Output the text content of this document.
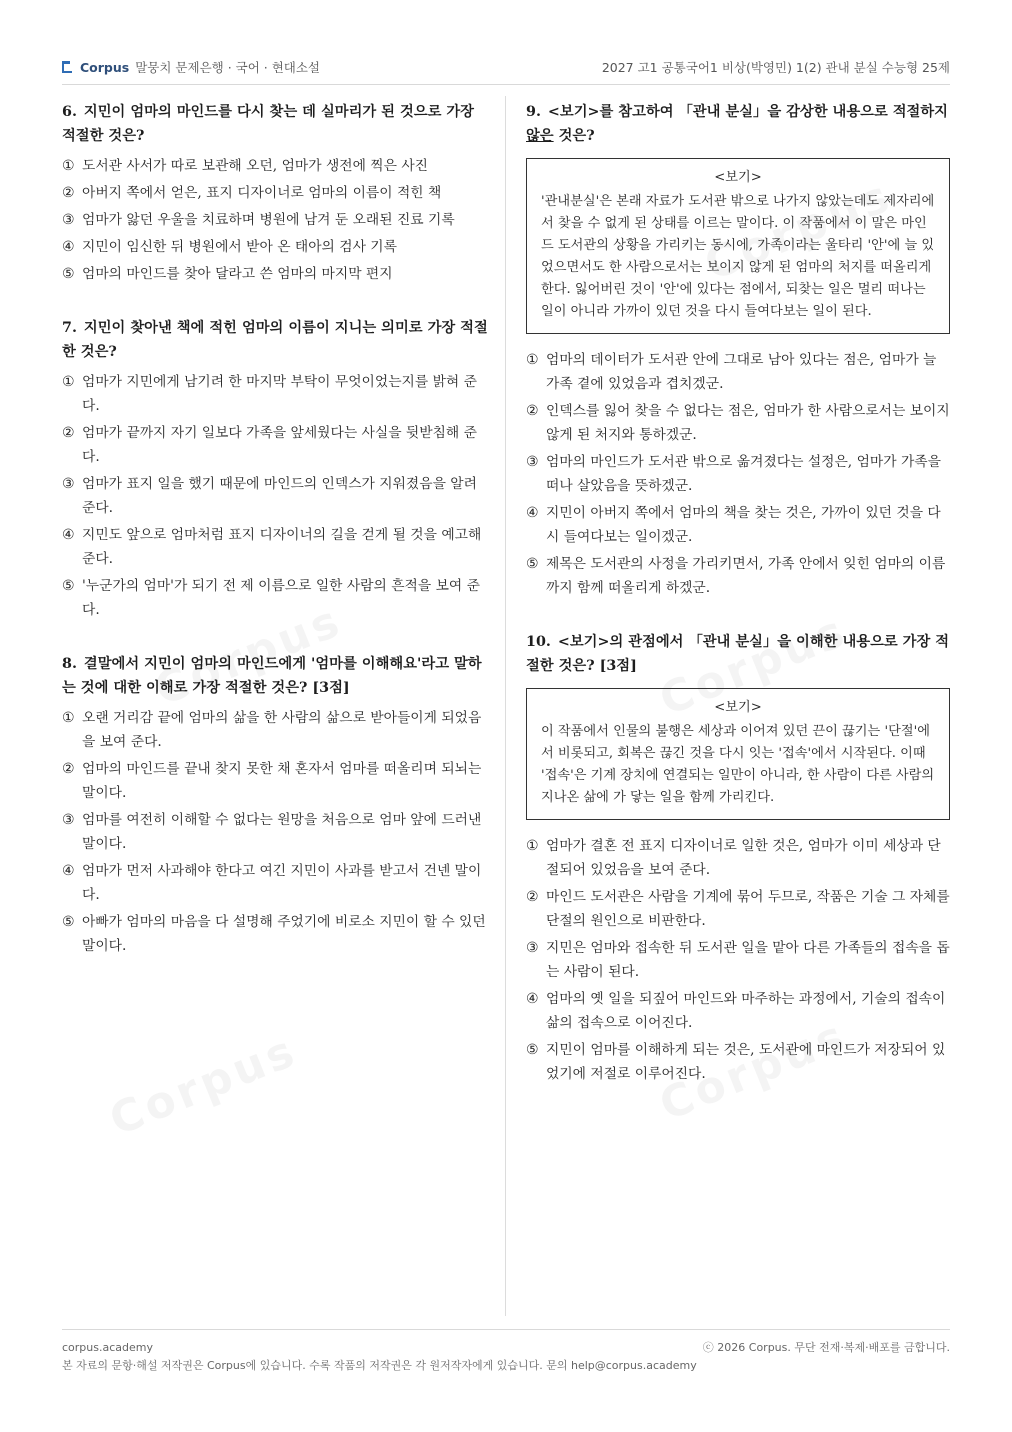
Corpus 말뭉치 문제은행 · 국어 · 현대소설	2027 고1 공통국어1 비상(박영민) 1(2) 관내 분실 수능형 25제
6. 지민이 엄마의 마인드를 다시 찾는 데 실마리가 된 것으로 가장 적절한 것은?
① 도서관 사서가 따로 보관해 오던, 엄마가 생전에 찍은 사진
② 아버지 쪽에서 얻은, 표지 디자이너로 엄마의 이름이 적힌 책
③ 엄마가 앓던 우울을 치료하며 병원에 남겨 둔 오래된 진료 기록
④ 지민이 임신한 뒤 병원에서 받아 온 태아의 검사 기록
⑤ 엄마의 마인드를 찾아 달라고 쓴 엄마의 마지막 편지
7. 지민이 찾아낸 책에 적힌 엄마의 이름이 지니는 의미로 가장 적절한 것은?
① 엄마가 지민에게 남기려 한 마지막 부탁이 무엇이었는지를 밝혀 준다.
② 엄마가 끝까지 자기 일보다 가족을 앞세웠다는 사실을 뒷받침해 준다.
③ 엄마가 표지 일을 했기 때문에 마인드의 인덱스가 지워졌음을 알려 준다.
④ 지민도 앞으로 엄마처럼 표지 디자이너의 길을 걷게 될 것을 예고해 준다.
⑤ '누군가의 엄마'가 되기 전 제 이름으로 일한 사람의 흔적을 보여 준다.
8. 결말에서 지민이 엄마의 마인드에게 '엄마를 이해해요'라고 말하는 것에 대한 이해로 가장 적절한 것은? [3점]
① 오랜 거리감 끝에 엄마의 삶을 한 사람의 삶으로 받아들이게 되었음을 보여 준다.
② 엄마의 마인드를 끝내 찾지 못한 채 혼자서 엄마를 떠올리며 되뇌는 말이다.
③ 엄마를 여전히 이해할 수 없다는 원망을 처음으로 엄마 앞에 드러낸 말이다.
④ 엄마가 먼저 사과해야 한다고 여긴 지민이 사과를 받고서 건넨 말이다.
⑤ 아빠가 엄마의 마음을 다 설명해 주었기에 비로소 지민이 할 수 있던 말이다.
9. <보기>를 참고하여 「관내 분실」을 감상한 내용으로 적절하지 않은 것은?
<보기>
'관내분실'은 본래 자료가 도서관 밖으로 나가지 않았는데도 제자리에서 찾을 수 없게 된 상태를 이르는 말이다. 이 작품에서 이 말은 마인드 도서관의 상황을 가리키는 동시에, 가족이라는 울타리 '안'에 늘 있었으면서도 한 사람으로서는 보이지 않게 된 엄마의 처지를 떠올리게 한다. 잃어버린 것이 '안'에 있다는 점에서, 되찾는 일은 멀리 떠나는 일이 아니라 가까이 있던 것을 다시 들여다보는 일이 된다.
① 엄마의 데이터가 도서관 안에 그대로 남아 있다는 점은, 엄마가 늘 가족 곁에 있었음과 겹치겠군.
② 인덱스를 잃어 찾을 수 없다는 점은, 엄마가 한 사람으로서는 보이지 않게 된 처지와 통하겠군.
③ 엄마의 마인드가 도서관 밖으로 옮겨졌다는 설정은, 엄마가 가족을 떠나 살았음을 뜻하겠군.
④ 지민이 아버지 쪽에서 엄마의 책을 찾는 것은, 가까이 있던 것을 다시 들여다보는 일이겠군.
⑤ 제목은 도서관의 사정을 가리키면서, 가족 안에서 잊힌 엄마의 이름까지 함께 떠올리게 하겠군.
10. <보기>의 관점에서 「관내 분실」을 이해한 내용으로 가장 적절한 것은? [3점]
<보기>
이 작품에서 인물의 불행은 세상과 이어져 있던 끈이 끊기는 '단절'에서 비롯되고, 회복은 끊긴 것을 다시 잇는 '접속'에서 시작된다. 이때 '접속'은 기계 장치에 연결되는 일만이 아니라, 한 사람이 다른 사람의 지나온 삶에 가 닿는 일을 함께 가리킨다.
① 엄마가 결혼 전 표지 디자이너로 일한 것은, 엄마가 이미 세상과 단절되어 있었음을 보여 준다.
② 마인드 도서관은 사람을 기계에 묶어 두므로, 작품은 기술 그 자체를 단절의 원인으로 비판한다.
③ 지민은 엄마와 접속한 뒤 도서관 일을 맡아 다른 가족들의 접속을 돕는 사람이 된다.
④ 엄마의 옛 일을 되짚어 마인드와 마주하는 과정에서, 기술의 접속이 삶의 접속으로 이어진다.
⑤ 지민이 엄마를 이해하게 되는 것은, 도서관에 마인드가 저장되어 있었기에 저절로 이루어진다.
corpus.academy
본 자료의 문항·해설 저작권은 Corpus에 있습니다. 수록 작품의 저작권은 각 원저작자에게 있습니다. 문의 help@corpus.academy
ⓒ 2026 Corpus. 무단 전재·복제·배포를 금합니다.
